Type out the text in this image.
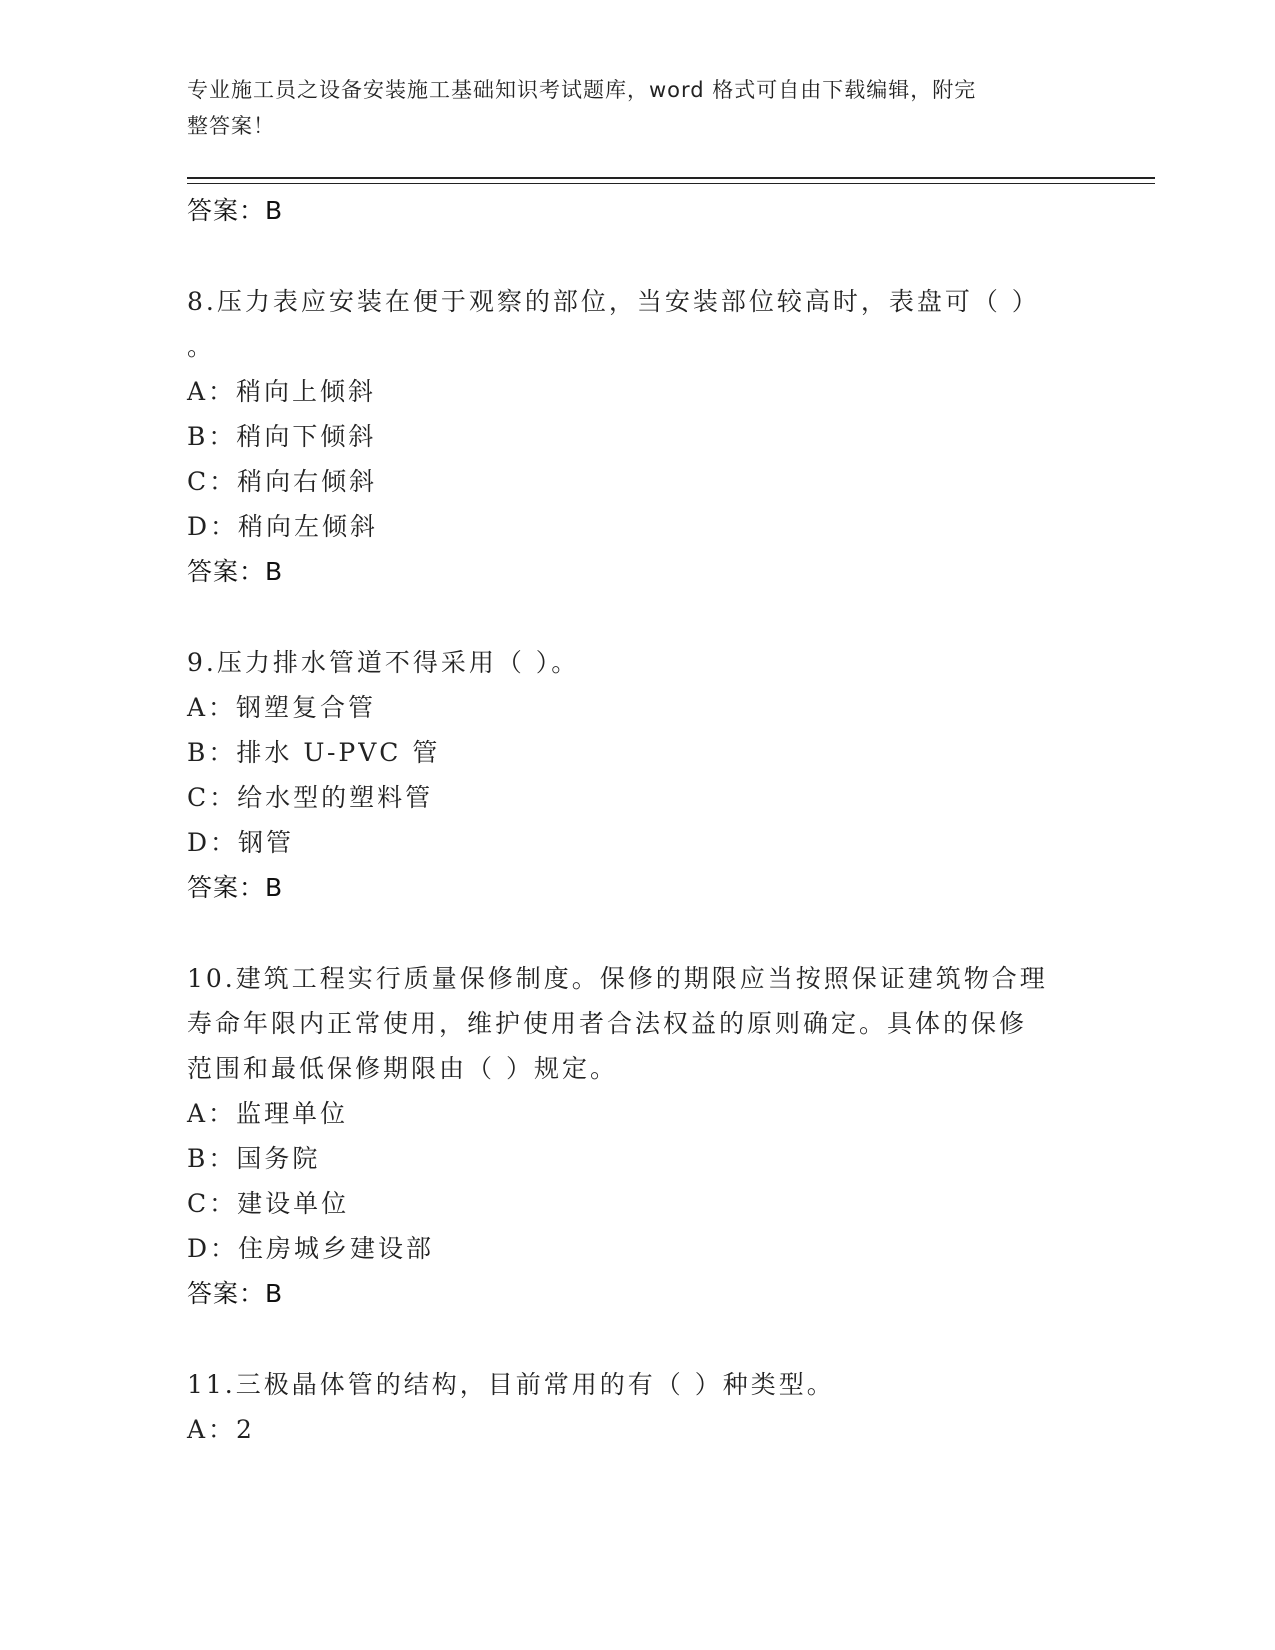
专业施工员之设备安装施工基础知识考试题库，word 格式可自由下载编辑，附完
整答案！
答案：B
8.压力表应安装在便于观察的部位，当安装部位较高时，表盘可（ ）
。
A：稍向上倾斜
B：稍向下倾斜
C：稍向右倾斜
D：稍向左倾斜
答案：B
9.压力排水管道不得采用（ ）。
A：钢塑复合管
B：排水 U-PVC 管
C：给水型的塑料管
D：钢管
答案：B
10.建筑工程实行质量保修制度。保修的期限应当按照保证建筑物合理
寿命年限内正常使用，维护使用者合法权益的原则确定。具体的保修
范围和最低保修期限由（ ）规定。
A：监理单位
B：国务院
C：建设单位
D：住房城乡建设部
答案：B
11.三极晶体管的结构，目前常用的有（ ）种类型。
A：2
